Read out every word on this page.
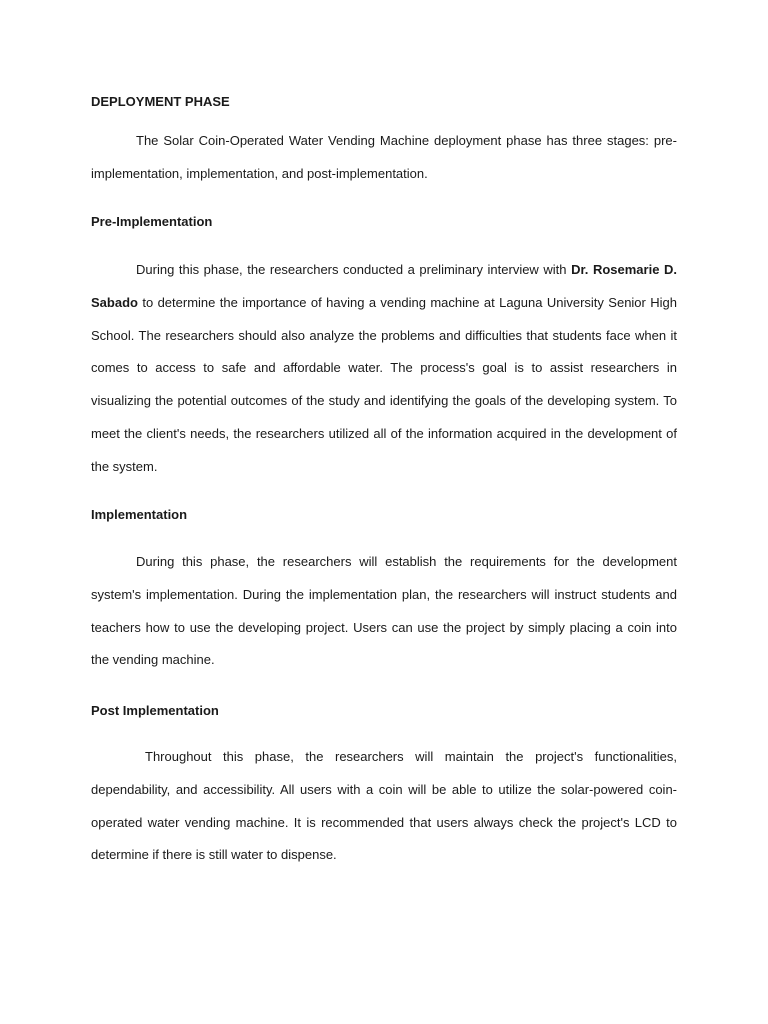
DEPLOYMENT PHASE

The Solar Coin-Operated Water Vending Machine deployment phase has three stages: pre-implementation, implementation, and post-implementation.

Pre-Implementation

During this phase, the researchers conducted a preliminary interview with Dr. Rosemarie D. Sabado to determine the importance of having a vending machine at Laguna University Senior High School. The researchers should also analyze the problems and difficulties that students face when it comes to access to safe and affordable water. The process's goal is to assist researchers in visualizing the potential outcomes of the study and identifying the goals of the developing system. To meet the client's needs, the researchers utilized all of the information acquired in the development of the system.

Implementation

During this phase, the researchers will establish the requirements for the development system's implementation. During the implementation plan, the researchers will instruct students and teachers how to use the developing project. Users can use the project by simply placing a coin into the vending machine.

Post Implementation

Throughout this phase, the researchers will maintain the project's functionalities, dependability, and accessibility. All users with a coin will be able to utilize the solar-powered coin-operated water vending machine. It is recommended that users always check the project's LCD to determine if there is still water to dispense.
